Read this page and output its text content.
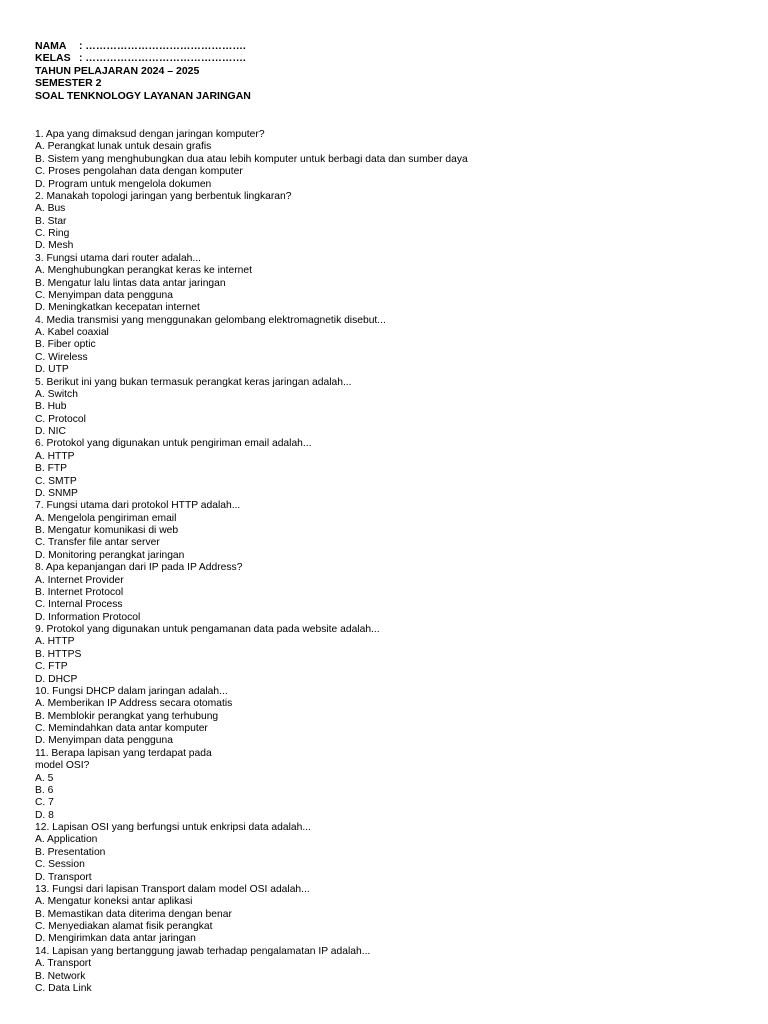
NAMA	: ……………………………………….
KELAS : ……………………………………….
TAHUN PELAJARAN 2024 – 2025
SEMESTER 2
SOAL TENKNOLOGY LAYANAN JARINGAN
1. Apa yang dimaksud dengan jaringan komputer?
A. Perangkat lunak untuk desain grafis
B. Sistem yang menghubungkan dua atau lebih komputer untuk berbagi data dan sumber daya
C. Proses pengolahan data dengan komputer
D. Program untuk mengelola dokumen
2. Manakah topologi jaringan yang berbentuk lingkaran?
A. Bus
B. Star
C. Ring
D. Mesh
3. Fungsi utama dari router adalah...
A. Menghubungkan perangkat keras ke internet
B. Mengatur lalu lintas data antar jaringan
C. Menyimpan data pengguna
D. Meningkatkan kecepatan internet
4. Media transmisi yang menggunakan gelombang elektromagnetik disebut...
A. Kabel coaxial
B. Fiber optic
C. Wireless
D. UTP
5. Berikut ini yang bukan termasuk perangkat keras jaringan adalah...
A. Switch
B. Hub
C. Protocol
D. NIC
6. Protokol yang digunakan untuk pengiriman email adalah...
A. HTTP
B. FTP
C. SMTP
D. SNMP
7. Fungsi utama dari protokol HTTP adalah...
A. Mengelola pengiriman email
B. Mengatur komunikasi di web
C. Transfer file antar server
D. Monitoring perangkat jaringan
8. Apa kepanjangan dari IP pada IP Address?
A. Internet Provider
B. Internet Protocol
C. Internal Process
D. Information Protocol
9. Protokol yang digunakan untuk pengamanan data pada website adalah...
A. HTTP
B. HTTPS
C. FTP
D. DHCP
10. Fungsi DHCP dalam jaringan adalah...
A. Memberikan IP Address secara otomatis
B. Memblokir perangkat yang terhubung
C. Memindahkan data antar komputer
D. Menyimpan data pengguna
11. Berapa lapisan yang terdapat pada
model OSI?
A. 5
B. 6
C. 7
D. 8
12. Lapisan OSI yang berfungsi untuk enkripsi data adalah...
A. Application
B. Presentation
C. Session
D. Transport
13. Fungsi dari lapisan Transport dalam model OSI adalah...
A. Mengatur koneksi antar aplikasi
B. Memastikan data diterima dengan benar
C. Menyediakan alamat fisik perangkat
D. Mengirimkan data antar jaringan
14. Lapisan yang bertanggung jawab terhadap pengalamatan IP adalah...
A. Transport
B. Network
C. Data Link
